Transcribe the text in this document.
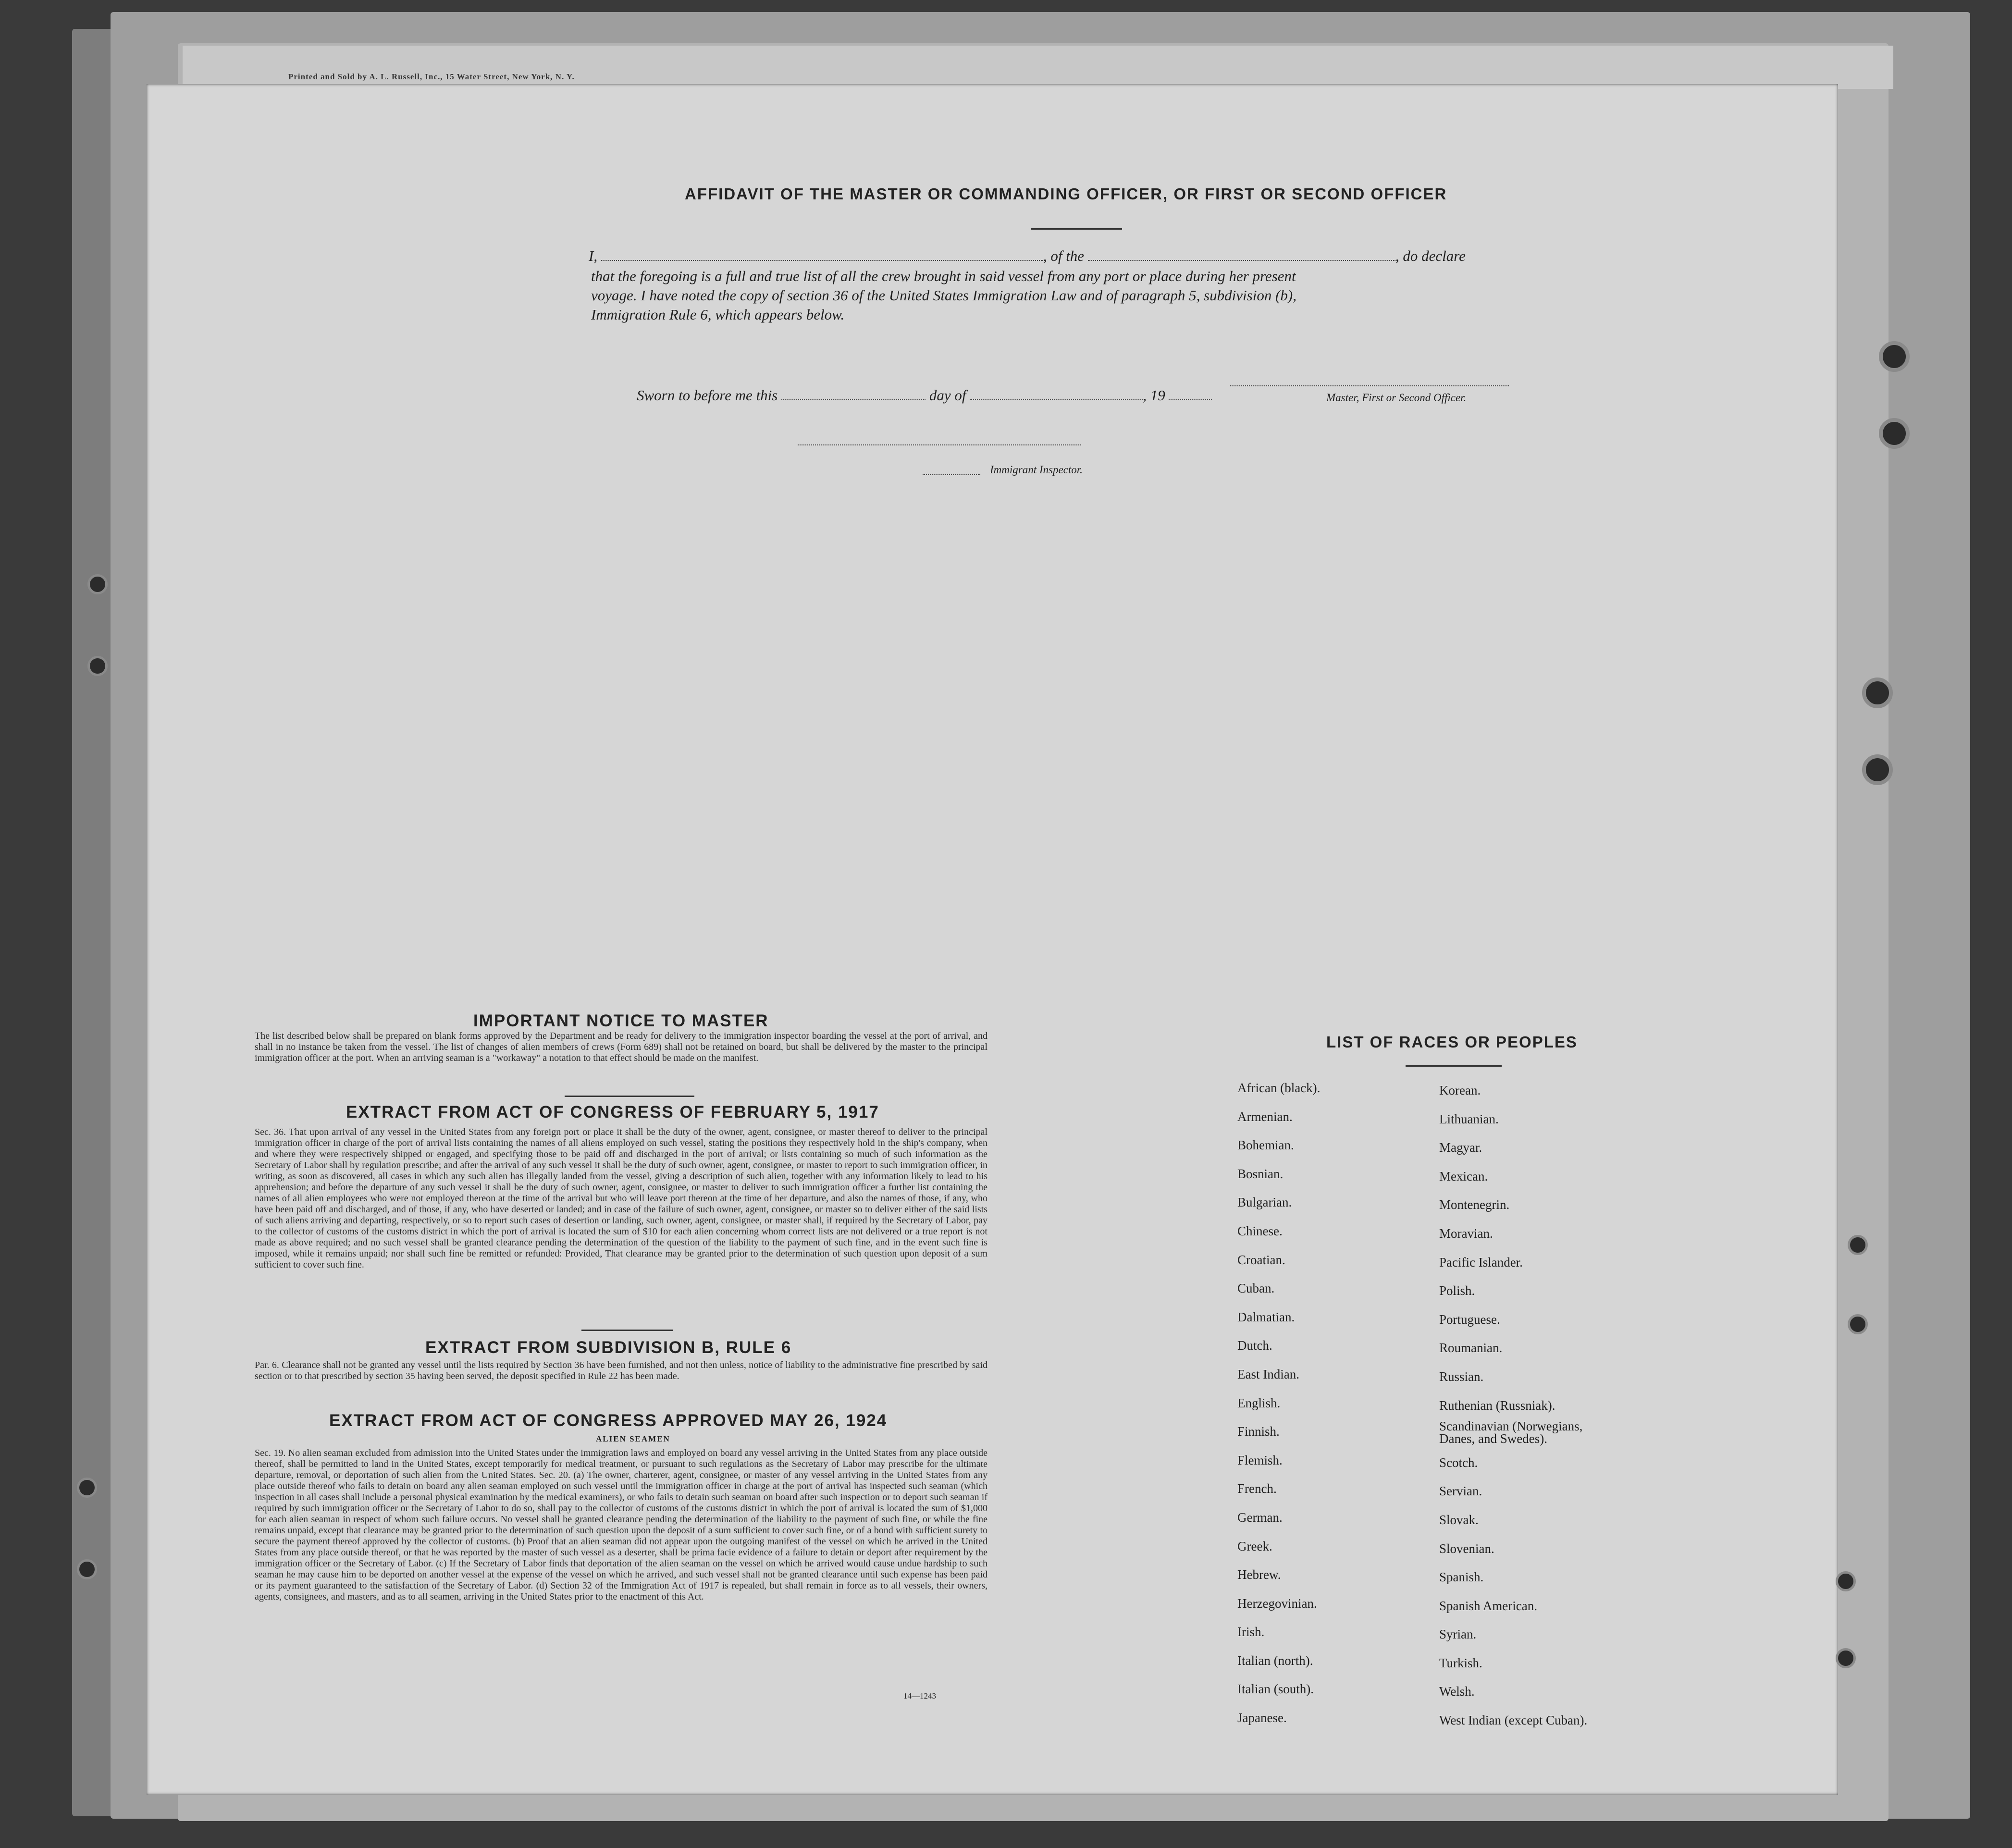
Printed and Sold by A. L. Russell, Inc., 15 Water Street, New York, N. Y.
AFFIDAVIT OF THE MASTER OR COMMANDING OFFICER, OR FIRST OR SECOND OFFICER
I,	, of the	, do declare
that the foregoing is a full and true list of all the crew brought in said vessel from any port or place during her present
voyage. I have noted the copy of section 36 of the United States Immigration Law and of paragraph 5, subdivision (b),
Immigration Rule 6, which appears below.
Master, First or Second Officer.
Sworn to before me this	day of	, 19
Immigrant Inspector.
IMPORTANT NOTICE TO MASTER
The list described below shall be prepared on blank forms approved by the Department and be ready for delivery to the immigration inspector boarding the vessel at the port of arrival, and shall in no instance be taken from the vessel. The list of changes of alien members of crews (Form 689) shall not be retained on board, but shall be delivered by the master to the principal immigration officer at the port. When an arriving seaman is a "workaway" a notation to that effect should be made on the manifest.
EXTRACT FROM ACT OF CONGRESS OF FEBRUARY 5, 1917
Sec. 36. That upon arrival of any vessel in the United States from any foreign port or place it shall be the duty of the owner, agent, consignee, or master thereof to deliver to the principal immigration officer in charge of the port of arrival lists containing the names of all aliens employed on such vessel, stating the positions they respectively hold in the ship's company, when and where they were respectively shipped or engaged, and specifying those to be paid off and discharged in the port of arrival; or lists containing so much of such information as the Secretary of Labor shall by regulation prescribe; and after the arrival of any such vessel it shall be the duty of such owner, agent, consignee, or master to report to such immigration officer, in writing, as soon as discovered, all cases in which any such alien has illegally landed from the vessel, giving a description of such alien, together with any information likely to lead to his apprehension; and before the departure of any such vessel it shall be the duty of such owner, agent, consignee, or master to deliver to such immigration officer a further list containing the names of all alien employees who were not employed thereon at the time of the arrival but who will leave port thereon at the time of her departure, and also the names of those, if any, who have been paid off and discharged, and of those, if any, who have deserted or landed; and in case of the failure of such owner, agent, consignee, or master so to deliver either of the said lists of such aliens arriving and departing, respectively, or so to report such cases of desertion or landing, such owner, agent, consignee, or master shall, if required by the Secretary of Labor, pay to the collector of customs of the customs district in which the port of arrival is located the sum of $10 for each alien concerning whom correct lists are not delivered or a true report is not made as above required; and no such vessel shall be granted clearance pending the determination of the question of the liability to the payment of such fine, and in the event such fine is imposed, while it remains unpaid; nor shall such fine be remitted or refunded: Provided, That clearance may be granted prior to the determination of such question upon deposit of a sum sufficient to cover such fine.
EXTRACT FROM SUBDIVISION B, RULE 6
Par. 6. Clearance shall not be granted any vessel until the lists required by Section 36 have been furnished, and not then unless, notice of liability to the administrative fine prescribed by said section or to that prescribed by section 35 having been served, the deposit specified in Rule 22 has been made.
EXTRACT FROM ACT OF CONGRESS APPROVED MAY 26, 1924
ALIEN SEAMEN
Sec. 19. No alien seaman excluded from admission into the United States under the immigration laws and employed on board any vessel arriving in the United States from any place outside thereof, shall be permitted to land in the United States, except temporarily for medical treatment, or pursuant to such regulations as the Secretary of Labor may prescribe for the ultimate departure, removal, or deportation of such alien from the United States. Sec. 20. (a) The owner, charterer, agent, consignee, or master of any vessel arriving in the United States from any place outside thereof who fails to detain on board any alien seaman employed on such vessel until the immigration officer in charge at the port of arrival has inspected such seaman (which inspection in all cases shall include a personal physical examination by the medical examiners), or who fails to detain such seaman on board after such inspection or to deport such seaman if required by such immigration officer or the Secretary of Labor to do so, shall pay to the collector of customs of the customs district in which the port of arrival is located the sum of $1,000 for each alien seaman in respect of whom such failure occurs. No vessel shall be granted clearance pending the determination of the liability to the payment of such fine, or while the fine remains unpaid, except that clearance may be granted prior to the determination of such question upon the deposit of a sum sufficient to cover such fine, or of a bond with sufficient surety to secure the payment thereof approved by the collector of customs. (b) Proof that an alien seaman did not appear upon the outgoing manifest of the vessel on which he arrived in the United States from any place outside thereof, or that he was reported by the master of such vessel as a deserter, shall be prima facie evidence of a failure to detain or deport after requirement by the immigration officer or the Secretary of Labor. (c) If the Secretary of Labor finds that deportation of the alien seaman on the vessel on which he arrived would cause undue hardship to such seaman he may cause him to be deported on another vessel at the expense of the vessel on which he arrived, and such vessel shall not be granted clearance until such expense has been paid or its payment guaranteed to the satisfaction of the Secretary of Labor. (d) Section 32 of the Immigration Act of 1917 is repealed, but shall remain in force as to all vessels, their owners, agents, consignees, and masters, and as to all seamen, arriving in the United States prior to the enactment of this Act.
14—1243
LIST OF RACES OR PEOPLES
African (black).
Armenian.
Bohemian.
Bosnian.
Bulgarian.
Chinese.
Croatian.
Cuban.
Dalmatian.
Dutch.
East Indian.
English.
Finnish.
Flemish.
French.
German.
Greek.
Hebrew.
Herzegovinian.
Irish.
Italian (north).
Italian (south).
Japanese.
Korean.
Lithuanian.
Magyar.
Mexican.
Montenegrin.
Moravian.
Pacific Islander.
Polish.
Portuguese.
Roumanian.
Russian.
Ruthenian (Russniak).
Scandinavian (Norwegians, Danes, and Swedes).
Scotch.
Servian.
Slovak.
Slovenian.
Spanish.
Spanish American.
Syrian.
Turkish.
Welsh.
West Indian (except Cuban).
